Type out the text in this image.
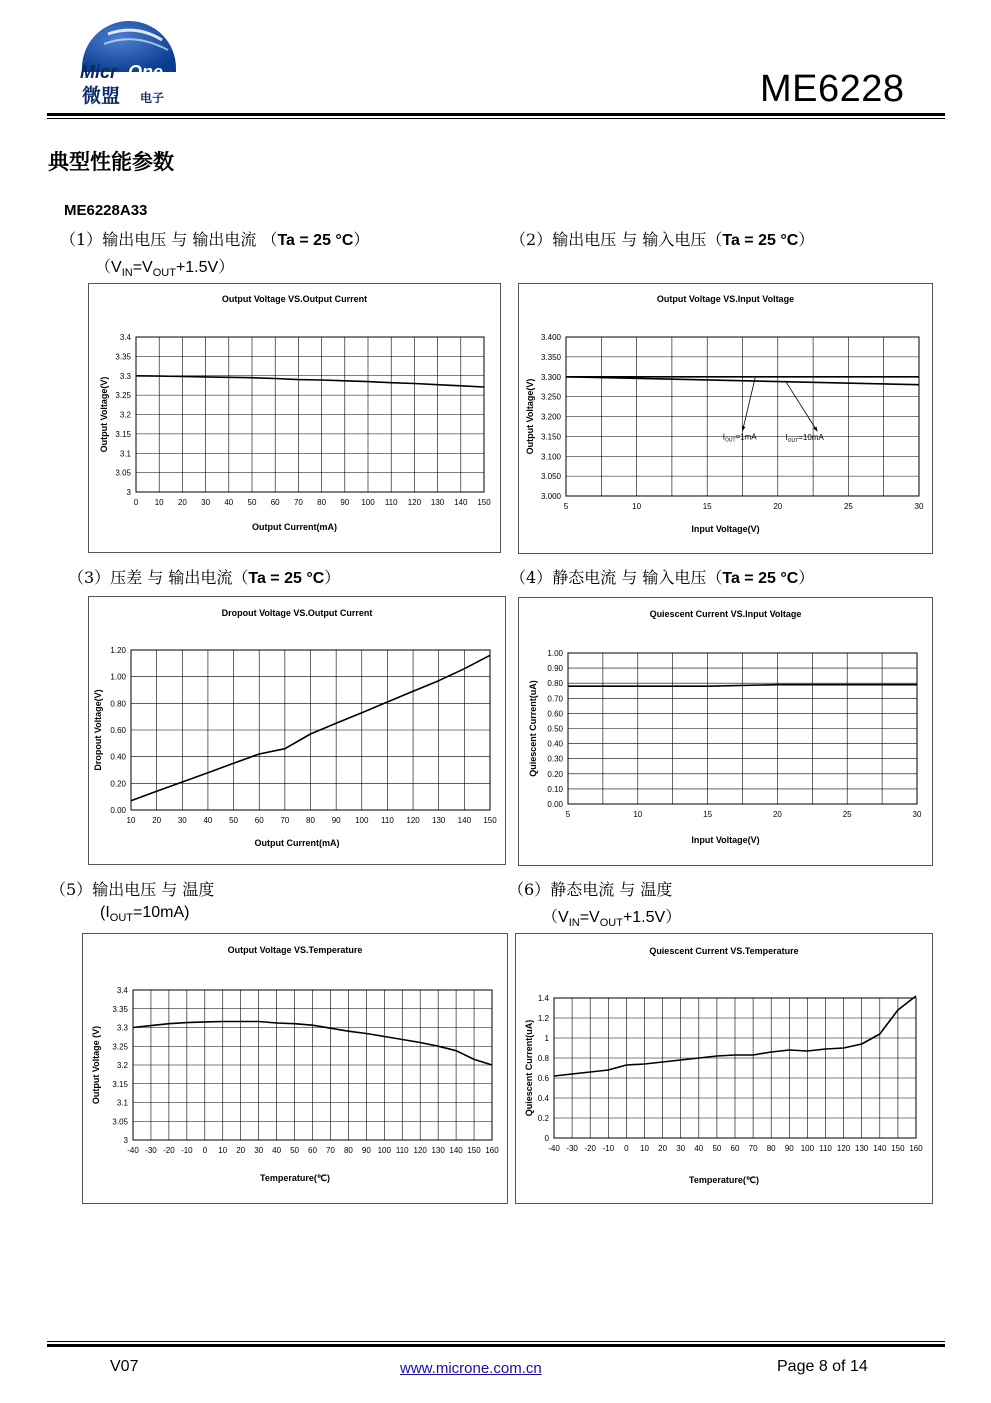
Micr One
微盟 电子	ME6228
典型性能参数
ME6228A33
（1）输出电压 与 输出电流 （Ta = 25 °C）
$(V_{IN}=V_{OUT}+1.5V)$
（2）输出电压 与 输入电压（Ta = 25 °C）
（3）压差 与 输出电流（Ta = 25 °C）	（4）静态电流 与 输入电压（Ta = 25 °C）
（5）输出电压 与 温度
$(I_{OUT}=10mA)$
（6）静态电流 与 温度
$(V_{IN}=V_{OUT}+1.5V)$
Output Voltage VS.Output Current
0 10 20 30 40 50 60 70 80 90 100 110 120 130 140 150
3
3.05
3.1
3.15
3.2
3.25
3.3
3.35
3.4
Output Current(mA)
Output Voltage(V)
Output Voltage VS.Input Voltage
5	10	15	20	25	30
3.000
3.050
3.100
3.150
3.200
3.250
3.300
3.350
3.400
Input Voltage(V)
Output Voltage(V)	$I_{OUT}=1mA$	$I_{OUT}=10mA$
Dropout Voltage VS.Output Current
10 20 30 40 50 60 70 80 90 100 110 120 130 140 150
0.00
0.20
0.40
0.60
0.80
1.00
1.20
Output Current(mA)
Dropout Voltage(V)
Quiescent Current VS.Input Voltage
5	10	15	20	25	30
0.00
0.10
0.20
0.30
0.40
0.50
0.60
0.70
0.80
0.90
1.00
Input Voltage(V)
Quiescent Current(uA)
Output Voltage VS.Temperature
-40 -30 -20 -10 0 10 20 30 40 50 60 70 80 90 100 110 120 130 140 150 160
3
3.05
3.1
3.15
3.2
3.25
3.3
3.35
3.4
Temperature(℃)
Output Voltage (V)
Quiescent Current VS.Temperature
-40 -30 -20 -10 0 10 20 30 40 50 60 70 80 90 100 110 120 130 140 150 160
0
0.2
0.4
0.6
0.8
1
1.2
1.4
Temperature(℃)
Quiescent Current(uA)
V07	www.microne.com.cn	Page 8 of 14
